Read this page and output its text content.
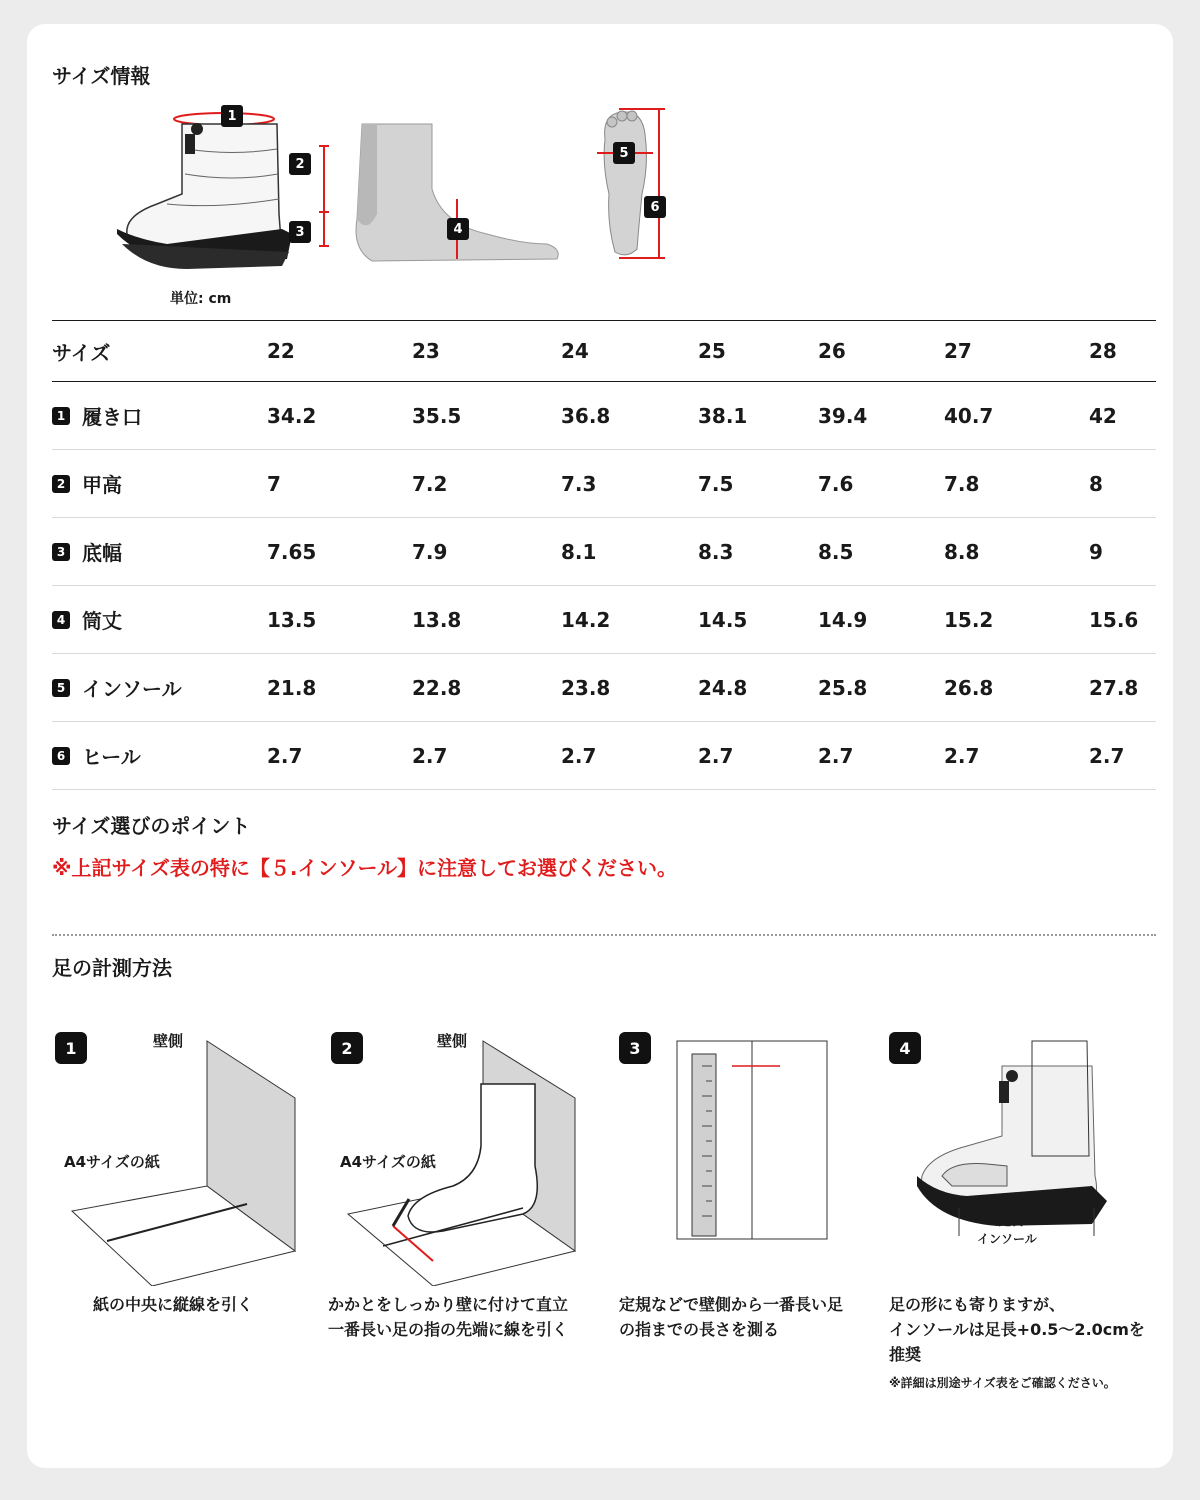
サイズ情報
1
2
3	4
5
6
単位: cm
サイズ	22	23	24	25	26	27	28
1 履き口	34.2	35.5	36.8	38.1	39.4	40.7	42
2 甲高	7	7.2	7.3	7.5	7.6	7.8	8
3 底幅	7.65	7.9	8.1	8.3	8.5	8.8	9
4 筒丈	13.5	13.8	14.2	14.5	14.9	15.2	15.6
5 インソール	21.8	22.8	23.8	24.8	25.8	26.8	27.8
6 ヒール	2.7	2.7	2.7	2.7	2.7	2.7	2.7
サイズ選びのポイント
※上記サイズ表の特に【５.インソール】に注意してお選びください。
足の計測方法
1	壁側
A4サイズの紙
紙の中央に縦線を引く
2	壁側
A4サイズの紙
かかとをしっかり壁に付けて直立
一番長い足の指の先端に線を引く
3
定規などで壁側から一番長い足
の指までの長さを測る
4
足長
インソール
足の形にも寄りますが、
インソールは足長+0.5〜2.0cmを
推奨
※詳細は別途サイズ表をご確認ください。
